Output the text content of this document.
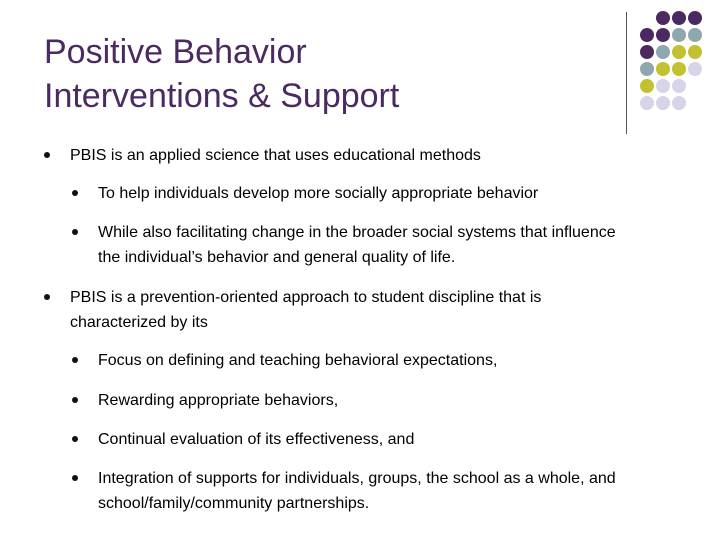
Positive Behavior
Interventions & Support
PBIS is an applied science that uses educational methods
To help individuals develop more socially appropriate behavior
While also facilitating change in the broader social systems that influence the individual’s behavior and general quality of life.
PBIS is a prevention-oriented approach to student discipline that is characterized by its
Focus on defining and teaching behavioral expectations,
Rewarding appropriate behaviors,
Continual evaluation of its effectiveness, and
Integration of supports for individuals, groups, the school as a whole, and school/family/community partnerships.
